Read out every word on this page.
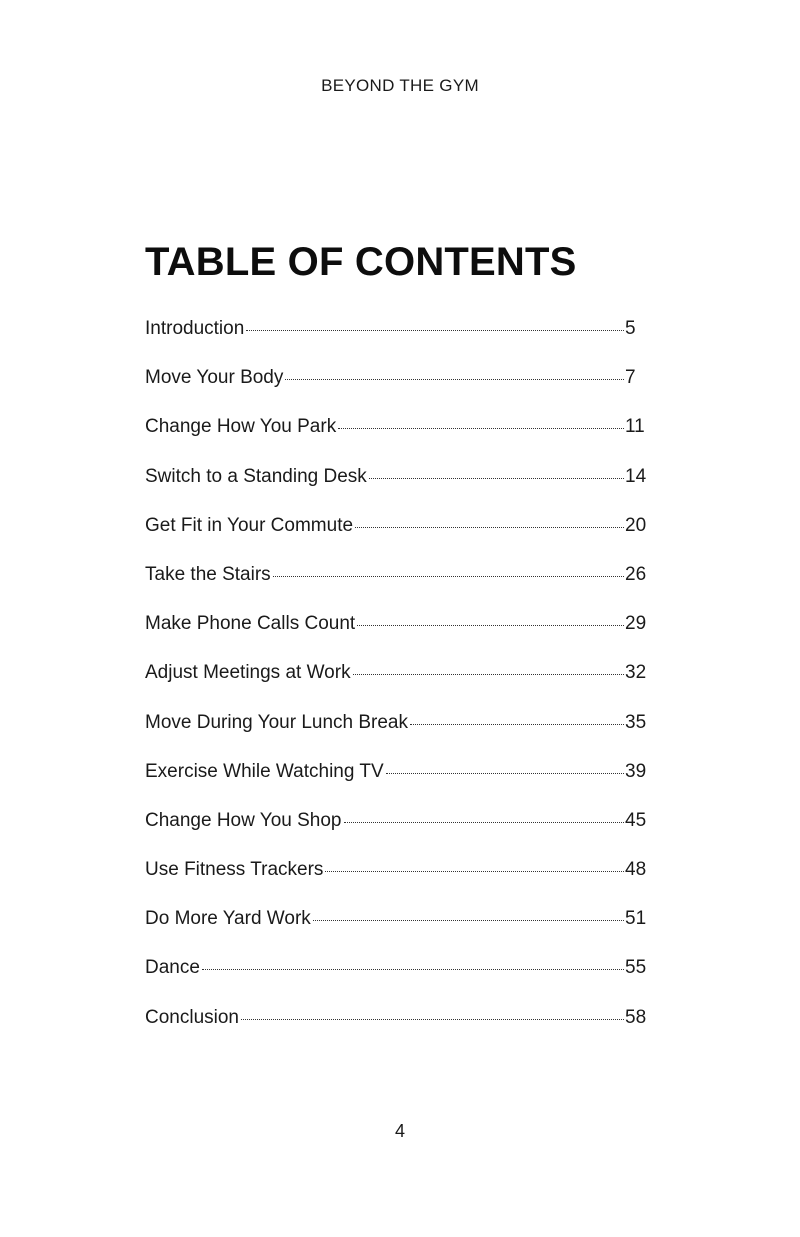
BEYOND THE GYM
TABLE OF CONTENTS
Introduction	5
Move Your Body	7
Change How You Park	11
Switch to a Standing Desk	14
Get Fit in Your Commute	20
Take the Stairs	26
Make Phone Calls Count	29
Adjust Meetings at Work	32
Move During Your Lunch Break	35
Exercise While Watching TV	39
Change How You Shop	45
Use Fitness Trackers	48
Do More Yard Work	51
Dance	55
Conclusion	58
4
